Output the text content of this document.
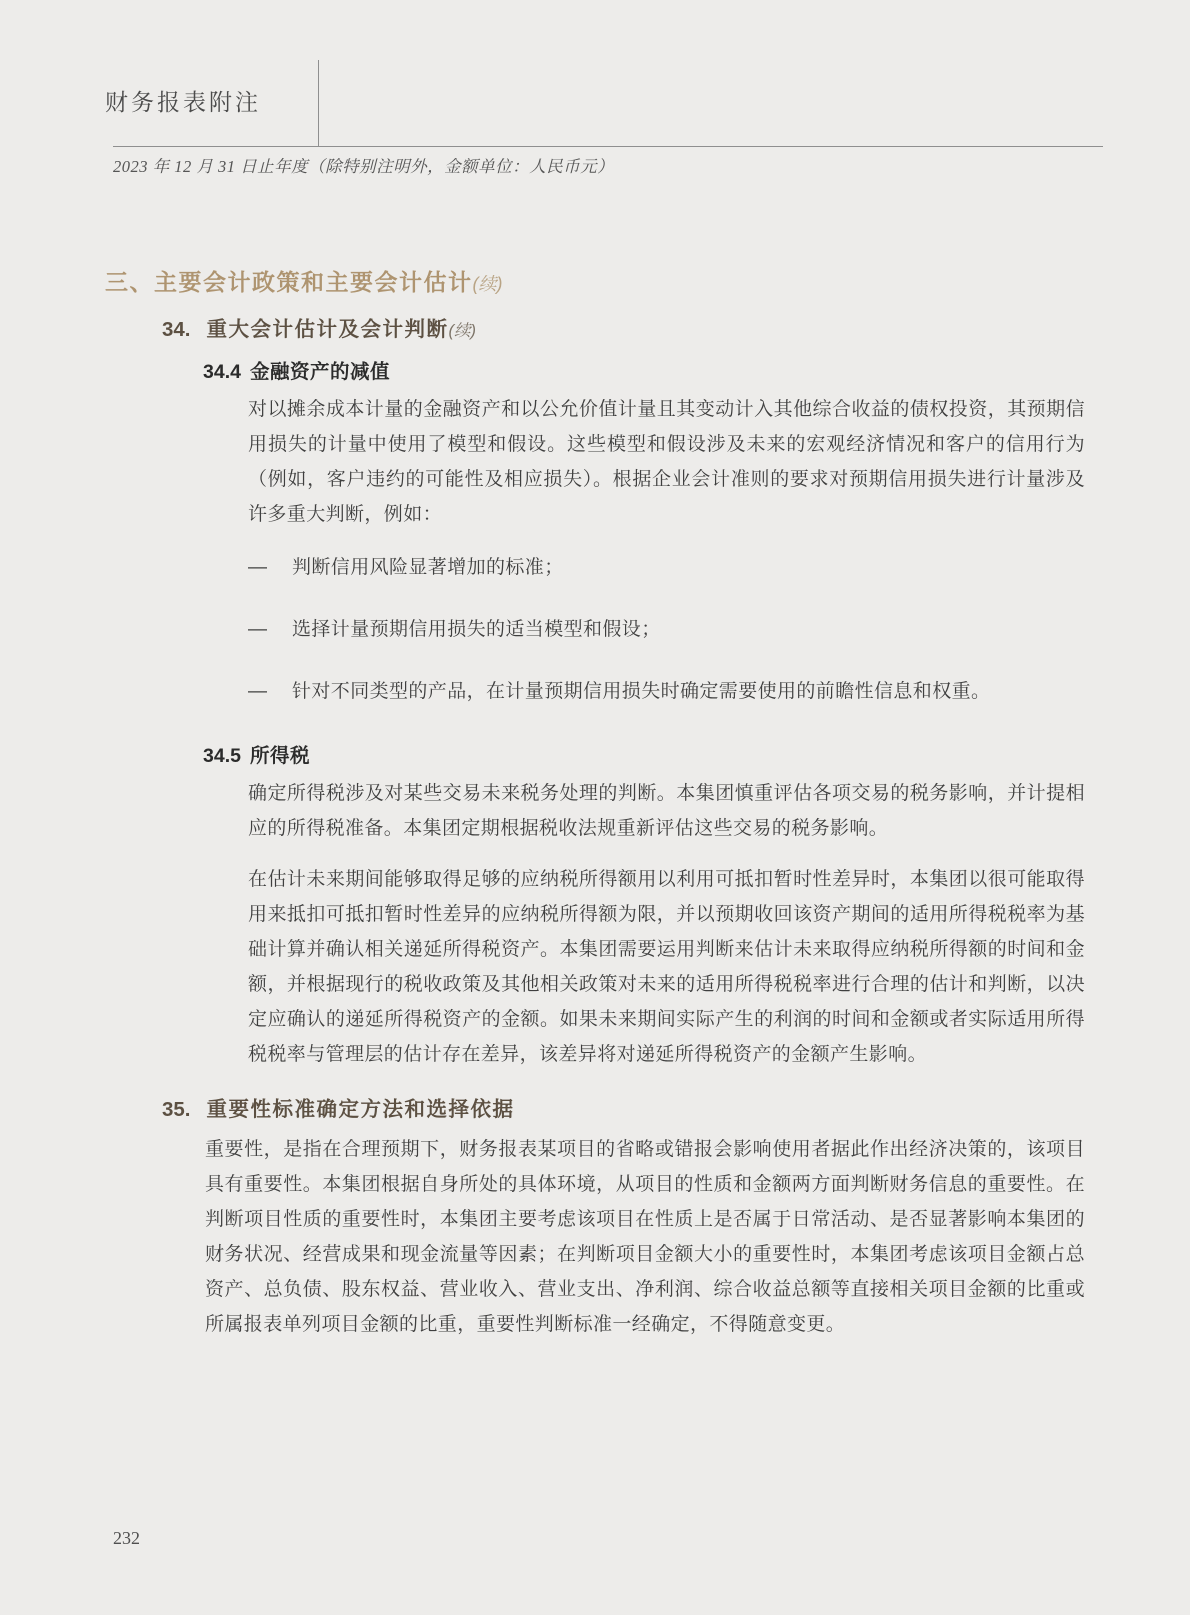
财务报表附注
2023 年 12 月 31 日止年度（除特别注明外，金额单位：人民币元）
三、主要会计政策和主要会计估计(续)
34. 重大会计估计及会计判断(续)
34.4 金融资产的减值
对以摊余成本计量的金融资产和以公允价值计量且其变动计入其他综合收益的债权投资，其预期信用损失的计量中使用了模型和假设。这些模型和假设涉及未来的宏观经济情况和客户的信用行为（例如，客户违约的可能性及相应损失）。根据企业会计准则的要求对预期信用损失进行计量涉及许多重大判断，例如：
—	判断信用风险显著增加的标准；
—	选择计量预期信用损失的适当模型和假设；
—	针对不同类型的产品，在计量预期信用损失时确定需要使用的前瞻性信息和权重。
34.5 所得税
确定所得税涉及对某些交易未来税务处理的判断。本集团慎重评估各项交易的税务影响，并计提相应的所得税准备。本集团定期根据税收法规重新评估这些交易的税务影响。
在估计未来期间能够取得足够的应纳税所得额用以利用可抵扣暂时性差异时，本集团以很可能取得用来抵扣可抵扣暂时性差异的应纳税所得额为限，并以预期收回该资产期间的适用所得税税率为基础计算并确认相关递延所得税资产。本集团需要运用判断来估计未来取得应纳税所得额的时间和金额，并根据现行的税收政策及其他相关政策对未来的适用所得税税率进行合理的估计和判断，以决定应确认的递延所得税资产的金额。如果未来期间实际产生的利润的时间和金额或者实际适用所得税税率与管理层的估计存在差异，该差异将对递延所得税资产的金额产生影响。
35. 重要性标准确定方法和选择依据
重要性，是指在合理预期下，财务报表某项目的省略或错报会影响使用者据此作出经济决策的，该项目具有重要性。本集团根据自身所处的具体环境，从项目的性质和金额两方面判断财务信息的重要性。在判断项目性质的重要性时，本集团主要考虑该项目在性质上是否属于日常活动、是否显著影响本集团的财务状况、经营成果和现金流量等因素；在判断项目金额大小的重要性时，本集团考虑该项目金额占总资产、总负债、股东权益、营业收入、营业支出、净利润、综合收益总额等直接相关项目金额的比重或所属报表单列项目金额的比重，重要性判断标准一经确定，不得随意变更。
232
